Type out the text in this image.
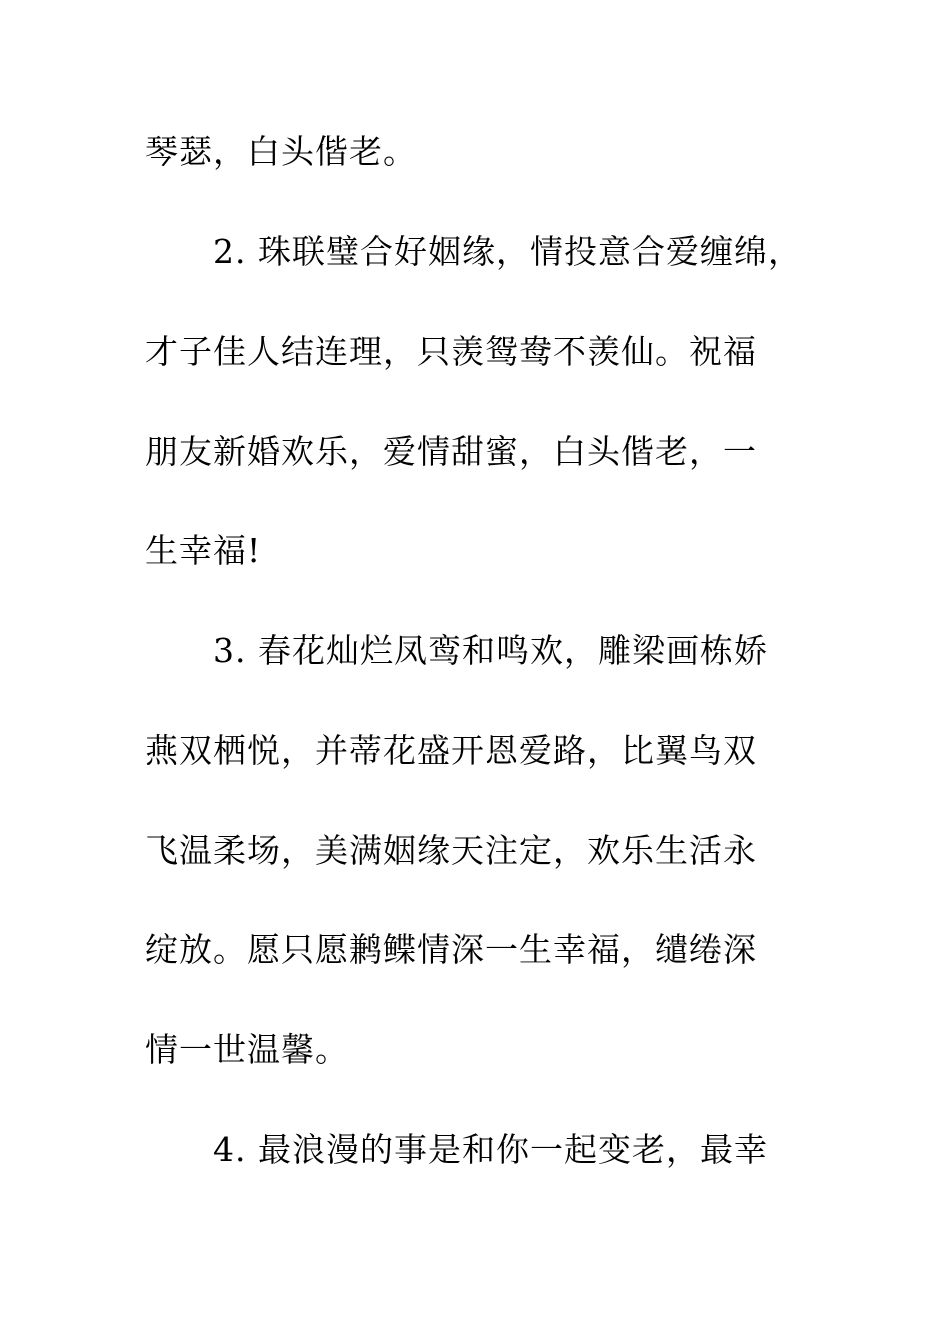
琴瑟，白头偕老。
2. 珠联璧合好姻缘，情投意合爱缠绵，
才子佳人结连理，只羡鸳鸯不羡仙。祝福
朋友新婚欢乐，爱情甜蜜，白头偕老，一
生幸福!
3. 春花灿烂凤鸾和鸣欢，雕梁画栋娇
燕双栖悦，并蒂花盛开恩爱路，比翼鸟双
飞温柔场，美满姻缘天注定，欢乐生活永
绽放。愿只愿鹣鲽情深一生幸福，缱绻深
情一世温馨。
4. 最浪漫的事是和你一起变老，最幸
